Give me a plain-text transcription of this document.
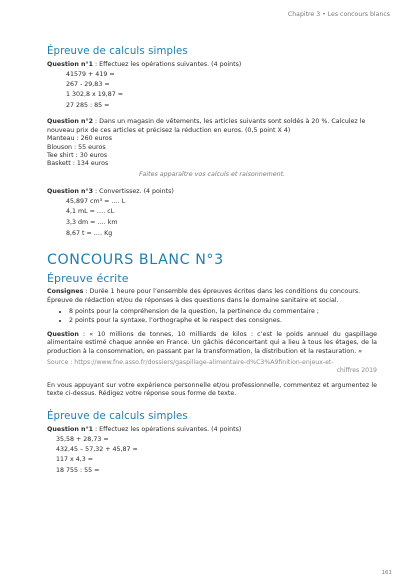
Chapitre 3 • Les concours blancs
Épreuve de calculs simples

Question n°1 : Effectuez les opérations suivantes. (4 points)

41579 + 419 =
267 - 29,83 =
1 302,8 x 19,87 =
27 285 : 85 =

Question n°2 : Dans un magasin de vêtements, les articles suivants sont soldés à 20 %. Calculez le nouveau prix de ces articles et précisez la réduction en euros. (0,5 point X 4)

Manteau : 260 euros
Blouson : 55 euros
Tee shirt : 30 euros
Baskett : 134 euros
Faites apparaître vos calculs et raisonnement.

Question n°3 : Convertissez. (4 points)

45,897 cm³ = …. L
4,1 mL = …. cL
3,3 dm = …. km
8,67 t = …. Kg
CONCOURS BLANC N°3
Épreuve écrite

Consignes : Durée 1 heure pour l’ensemble des épreuves écrites dans les conditions du concours.

Épreuve de rédaction et/ou de réponses à des questions dans le domaine sanitaire et social.

• 8 points pour la compréhension de la question, la pertinence du commentaire ;
• 2 points pour la syntaxe, l’orthographe et le respect des consignes.

Question : « 10 millions de tonnes, 10 milliards de kilos : c’est le poids annuel du gaspillage alimentaire estimé chaque année en France. Un gâchis déconcertant qui a lieu à tous les étages, de la production à la consommation, en passant par la transformation, la distribution et la restauration. »

Source : https://www.fne.asso.fr/dossiers/gaspillage-alimentaire-d%C3%A9finition-enjeux-et-
chiffres 2019

En vous appuyant sur votre expérience personnelle et/ou professionnelle, commentez et argumentez le texte ci-dessus. Rédigez votre réponse sous forme de texte.

Épreuve de calculs simples

Question n°1 : Effectuez les opérations suivantes. (4 points)

35,58 + 28,73 =
432,45 – 57,32 + 45,87 =
117 x 4,3 =
18 755 : 55 =
161
